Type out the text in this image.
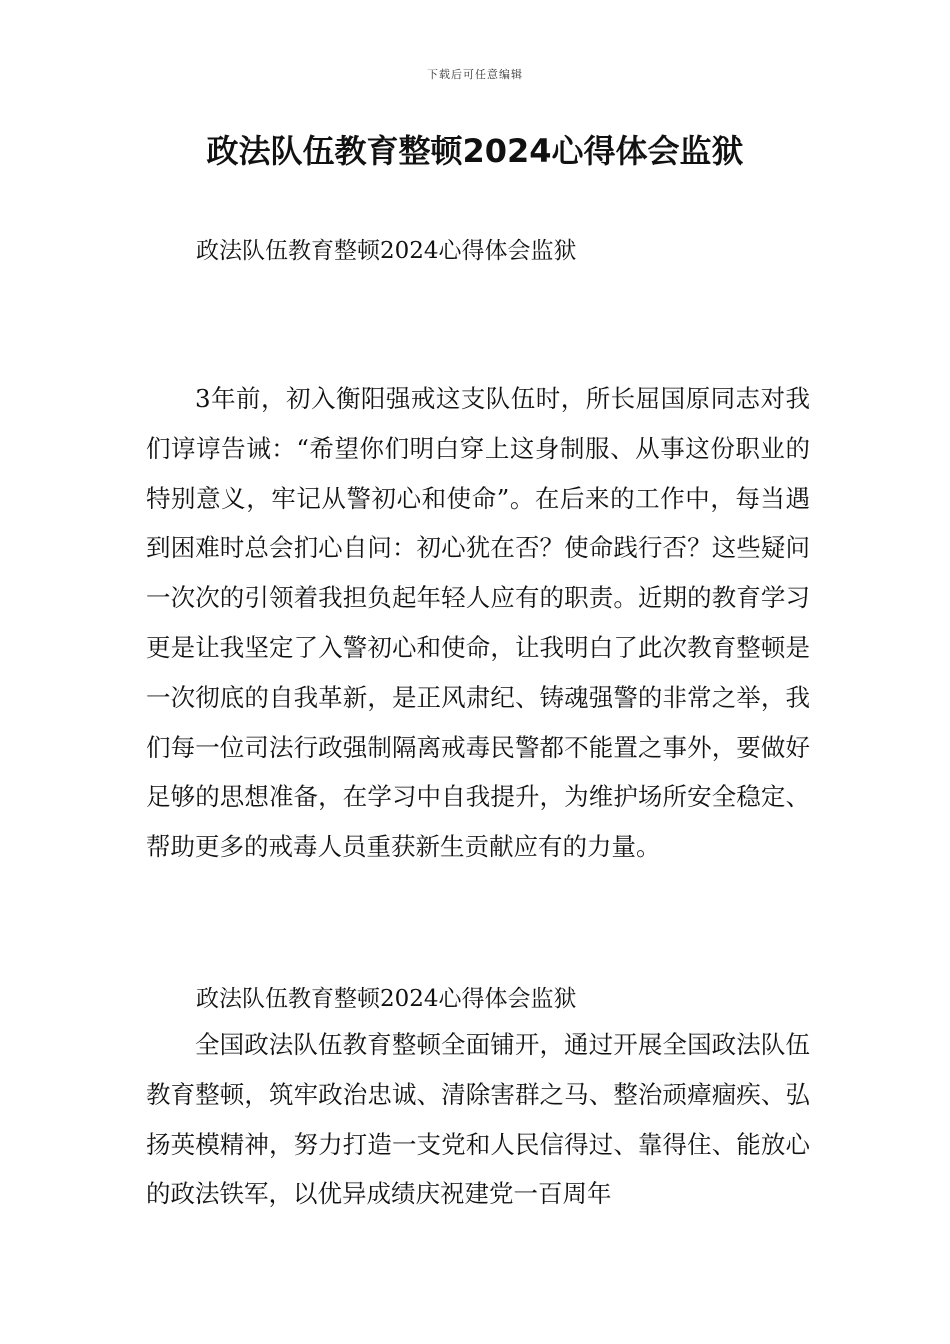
下载后可任意编辑
政法队伍教育整顿2024心得体会监狱

政法队伍教育整顿2024心得体会监狱

3年前，初入衡阳强戒这支队伍时，所长屈国原同志对我们谆谆告诫：“希望你们明白穿上这身制服、从事这份职业的特别意义，牢记从警初心和使命”。在后来的工作中，每当遇到困难时总会扪心自问：初心犹在否？使命践行否？这些疑问一次次的引领着我担负起年轻人应有的职责。近期的教育学习更是让我坚定了入警初心和使命，让我明白了此次教育整顿是一次彻底的自我革新，是正风肃纪、铸魂强警的非常之举，我们每一位司法行政强制隔离戒毒民警都不能置之事外，要做好足够的思想准备，在学习中自我提升，为维护场所安全稳定、帮助更多的戒毒人员重获新生贡献应有的力量。

政法队伍教育整顿2024心得体会监狱

全国政法队伍教育整顿全面铺开，通过开展全国政法队伍教育整顿，筑牢政治忠诚、清除害群之马、整治顽瘴痼疾、弘扬英模精神，努力打造一支党和人民信得过、靠得住、能放心的政法铁军，以优异成绩庆祝建党一百周年
